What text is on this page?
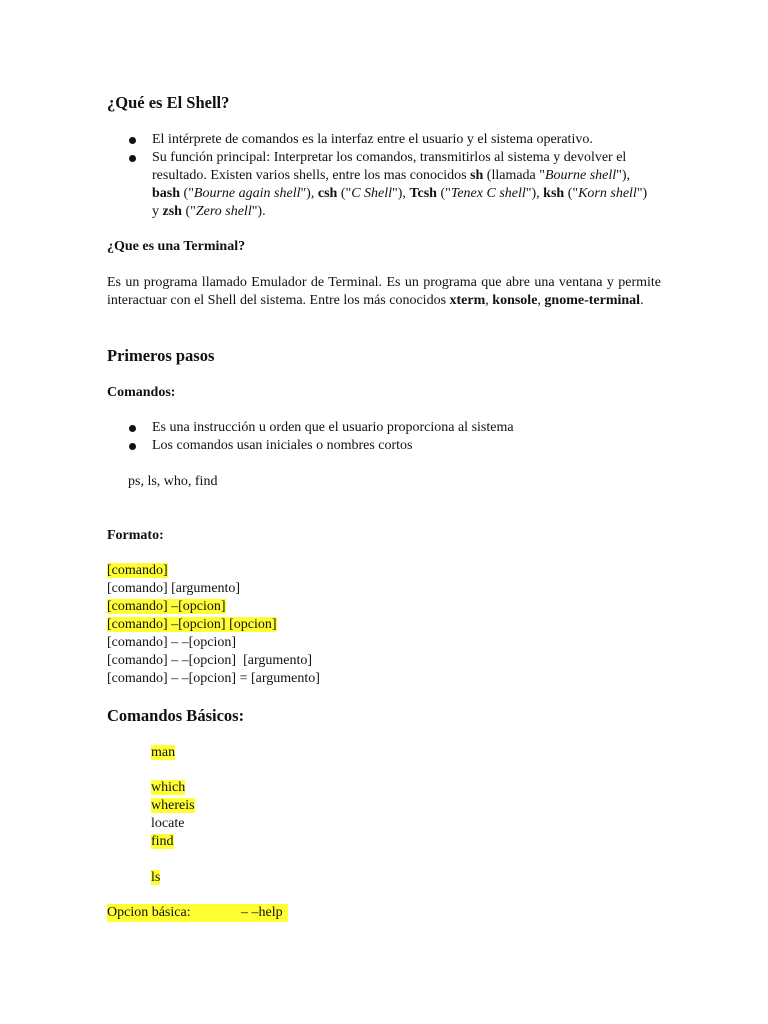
¿Qué es El Shell?
El intérprete de comandos es la interfaz entre el usuario y el sistema operativo.
Su función principal: Interpretar los comandos, transmitirlos al sistema y devolver el resultado. Existen varios shells, entre los mas conocidos sh (llamada "Bourne shell"), bash ("Bourne again shell"), csh ("C Shell"), Tcsh ("Tenex C shell"), ksh ("Korn shell") y zsh ("Zero shell").
¿Que es una Terminal?

Es un programa llamado Emulador de Terminal. Es un programa que abre una ventana y permite interactuar con el Shell del sistema. Entre los más conocidos xterm, konsole, gnome-terminal.

Primeros pasos
Comandos:
Es una instrucción u orden que el usuario proporciona al sistema
Los comandos usan iniciales o nombres cortos
ps, ls, who, find
Formato:
[comando]
[comando] [argumento]
[comando] –[opcion]
[comando] –[opcion] [opcion]
[comando] – –[opcion]
[comando] – –[opcion]  [argumento]
[comando] – –[opcion] = [argumento]
Comandos Básicos:
man
which
whereis
locate
find
ls
Opcion básica:	– –help
